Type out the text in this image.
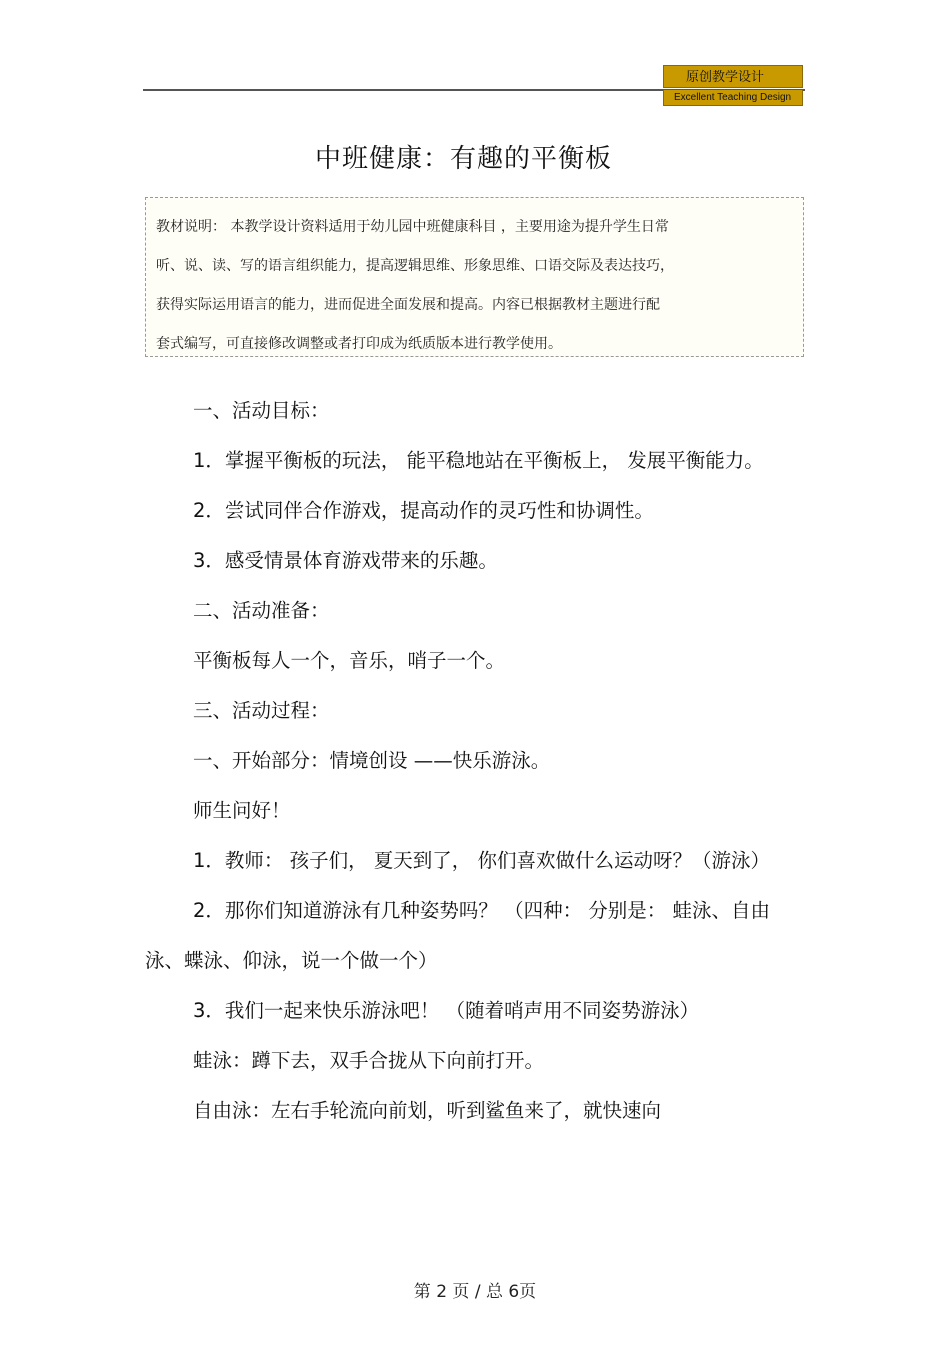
原创教学设计
Excellent Teaching Design
中班健康：有趣的平衡板
教材说明： 本教学设计资料适用于幼儿园中班健康科目 ，主要用途为提升学生日常
听、说、读、写的语言组织能力，提高逻辑思维、形象思维、口语交际及表达技巧，
获得实际运用语言的能力，进而促进全面发展和提高。内容已根据教材主题进行配
套式编写，可直接修改调整或者打印成为纸质版本进行教学使用。

一、活动目标：

1．掌握平衡板的玩法， 能平稳地站在平衡板上， 发展平衡能力。

2．尝试同伴合作游戏，提高动作的灵巧性和协调性。

3．感受情景体育游戏带来的乐趣。

二、活动准备：

平衡板每人一个，音乐，哨子一个。

三、活动过程：

一、开始部分：情境创设 ——快乐游泳。

师生问好！

1．教师： 孩子们， 夏天到了， 你们喜欢做什么运动呀？（游泳）

2．那你们知道游泳有几种姿势吗？ （四种： 分别是： 蛙泳、自由泳、蝶泳、仰泳，说一个做一个）

3．我们一起来快乐游泳吧！ （随着哨声用不同姿势游泳）

蛙泳：蹲下去，双手合拢从下向前打开。

自由泳：左右手轮流向前划，听到鲨鱼来了，就快速向

第 2 页 / 总 6页
